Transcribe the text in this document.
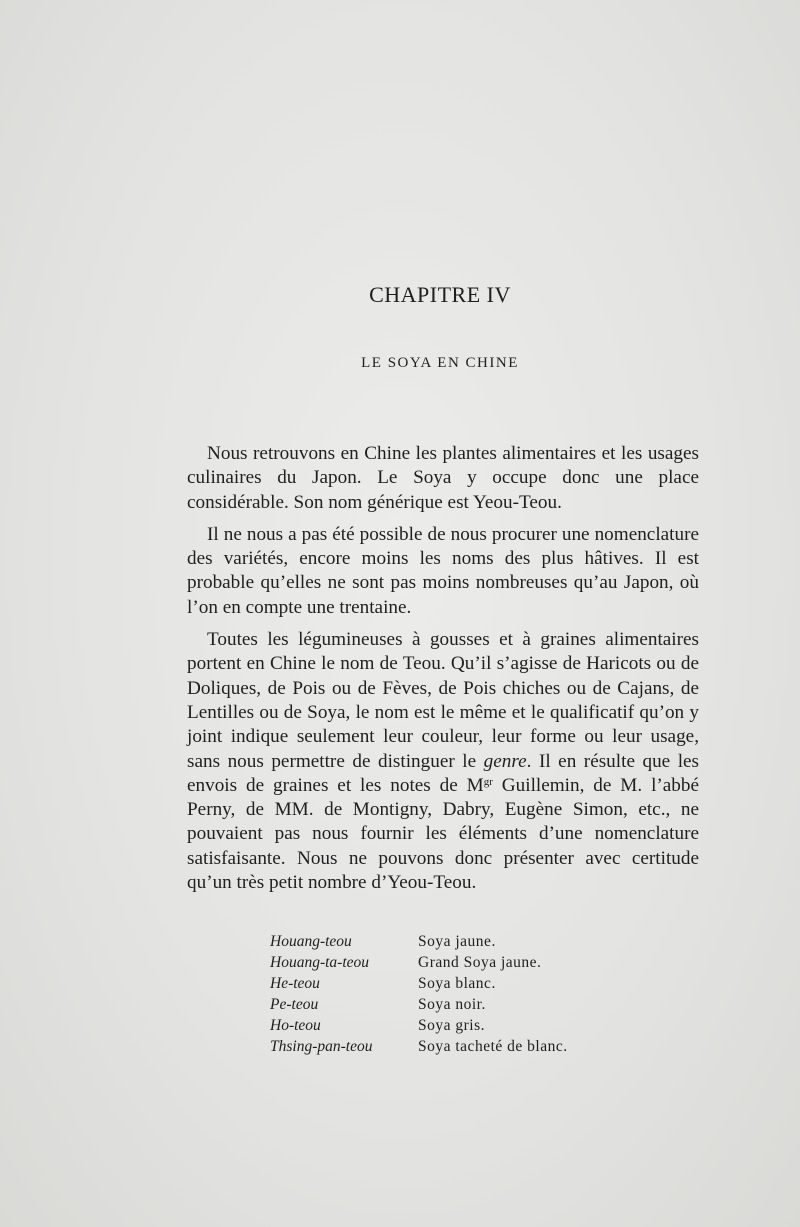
CHAPITRE IV
LE SOYA EN CHINE

Nous retrouvons en Chine les plantes alimentaires et les usages culinaires du Japon. Le Soya y occupe donc une place considérable. Son nom générique est Yeou-Teou.

Il ne nous a pas été possible de nous procurer une nomenclature des variétés, encore moins les noms des plus hâtives. Il est probable qu’elles ne sont pas moins nombreuses qu’au Japon, où l’on en compte une trentaine.

Toutes les légumineuses à gousses et à graines alimentaires portent en Chine le nom de Teou. Qu’il s’agisse de Haricots ou de Doliques, de Pois ou de Fèves, de Pois chiches ou de Cajans, de Lentilles ou de Soya, le nom est le même et le qualificatif qu’on y joint indique seulement leur couleur, leur forme ou leur usage, sans nous permettre de distinguer le genre. Il en résulte que les envois de graines et les notes de $M^{gr}$ Guillemin, de M. l’abbé Perny, de MM. de Montigny, Dabry, Eugène Simon, etc., ne pouvaient pas nous fournir les éléments d’une nomenclature satisfaisante. Nous ne pouvons donc présenter avec certitude qu’un très petit nombre d’Yeou-Teou.

Houang-teou	Soya jaune.
Houang-ta-teou	Grand Soya jaune.
He-teou	Soya blanc.
Pe-teou	Soya noir.
Ho-teou	Soya gris.
Thsing-pan-teou	Soya tacheté de blanc.
